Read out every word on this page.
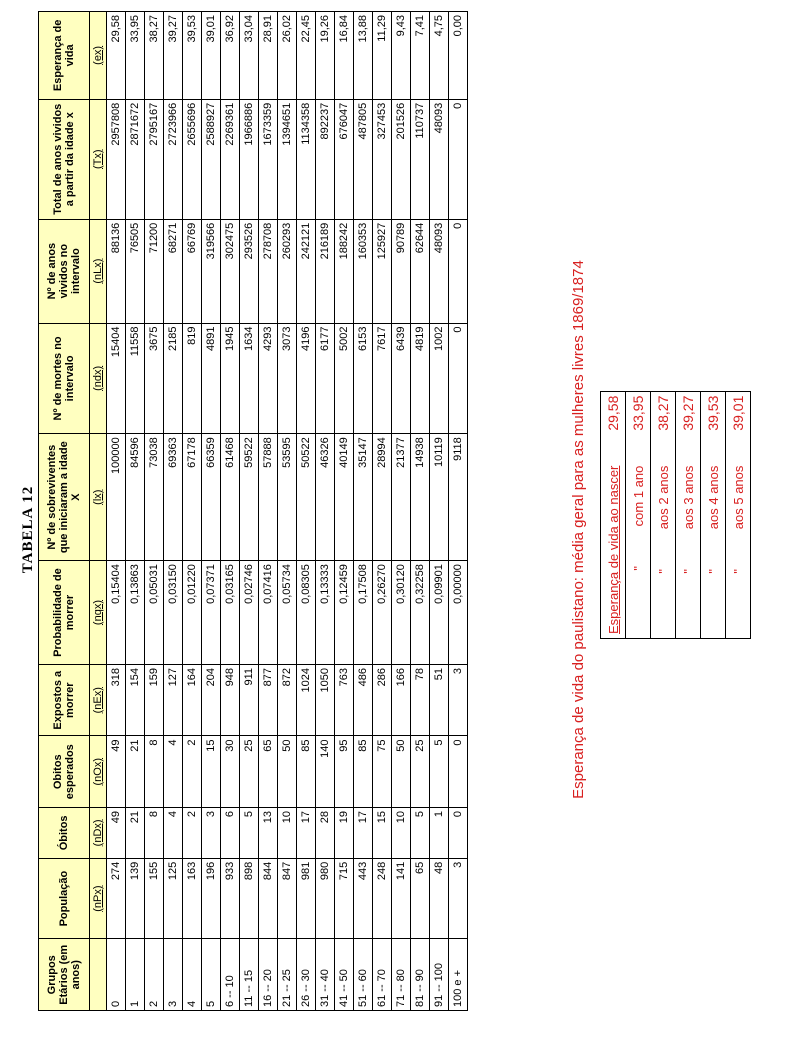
TABELA 12
Grupos Etários (em anos)	População	Óbitos	Obitos esperados	Expostos a morrer	Probabilidade de morrer	Nº de sobreviventes que iniciaram a idade X	Nº de mortes no intervalo	Nº de anos vividos no intervalo	Total de anos vividos a partir da idade x	Esperança de vida
	(nPx)	(nDx)	(nOx)	(nEx)	(nqx)	(lx)	(ndx)	(nLx)	(Tx)	(ex)
0	274	49	49	318	0,15404	100000	15404	88136	2957808	29,58
1	139	21	21	154	0,13863	84596	11558	76505	2871672	33,95
2	155	8	8	159	0,05031	73038	3675	71200	2795167	38,27
3	125	4	4	127	0,03150	69363	2185	68271	2723966	39,27
4	163	2	2	164	0,01220	67178	819	66769	2655696	39,53
5	196	3	15	204	0,07371	66359	4891	319566	2588927	39,01
6 -- 10	933	6	30	948	0,03165	61468	1945	302475	2269361	36,92
11 -- 15	898	5	25	911	0,02746	59522	1634	293526	1966886	33,04
16 -- 20	844	13	65	877	0,07416	57888	4293	278708	1673359	28,91
21 -- 25	847	10	50	872	0,05734	53595	3073	260293	1394651	26,02
26 -- 30	981	17	85	1024	0,08305	50522	4196	242121	1134358	22,45
31 -- 40	980	28	140	1050	0,13333	46326	6177	216189	892237	19,26
41 -- 50	715	19	95	763	0,12459	40149	5002	188242	676047	16,84
51 -- 60	443	17	85	486	0,17508	35147	6153	160353	487805	13,88
61 -- 70	248	15	75	286	0,26270	28994	7617	125927	327453	11,29
71 -- 80	141	10	50	166	0,30120	21377	6439	90789	201526	9,43
81 -- 90	65	5	25	78	0,32258	14938	4819	62644	110737	7,41
91 -- 100	48	1	5	51	0,09901	10119	1002	48093	48093	4,75
100 e +	3	0	0	3	0,00000	9118	0	0	0	0,00
Esperança de vida do paulistano: média geral para as mulheres livres 1869/1874 Esperança de vida ao nascer	29,58
"           com 1 ano	33,95
"           aos 2 anos	38,27
"           aos 3 anos	39,27
"           aos 4 anos	39,53
"           aos 5 anos	39,01
